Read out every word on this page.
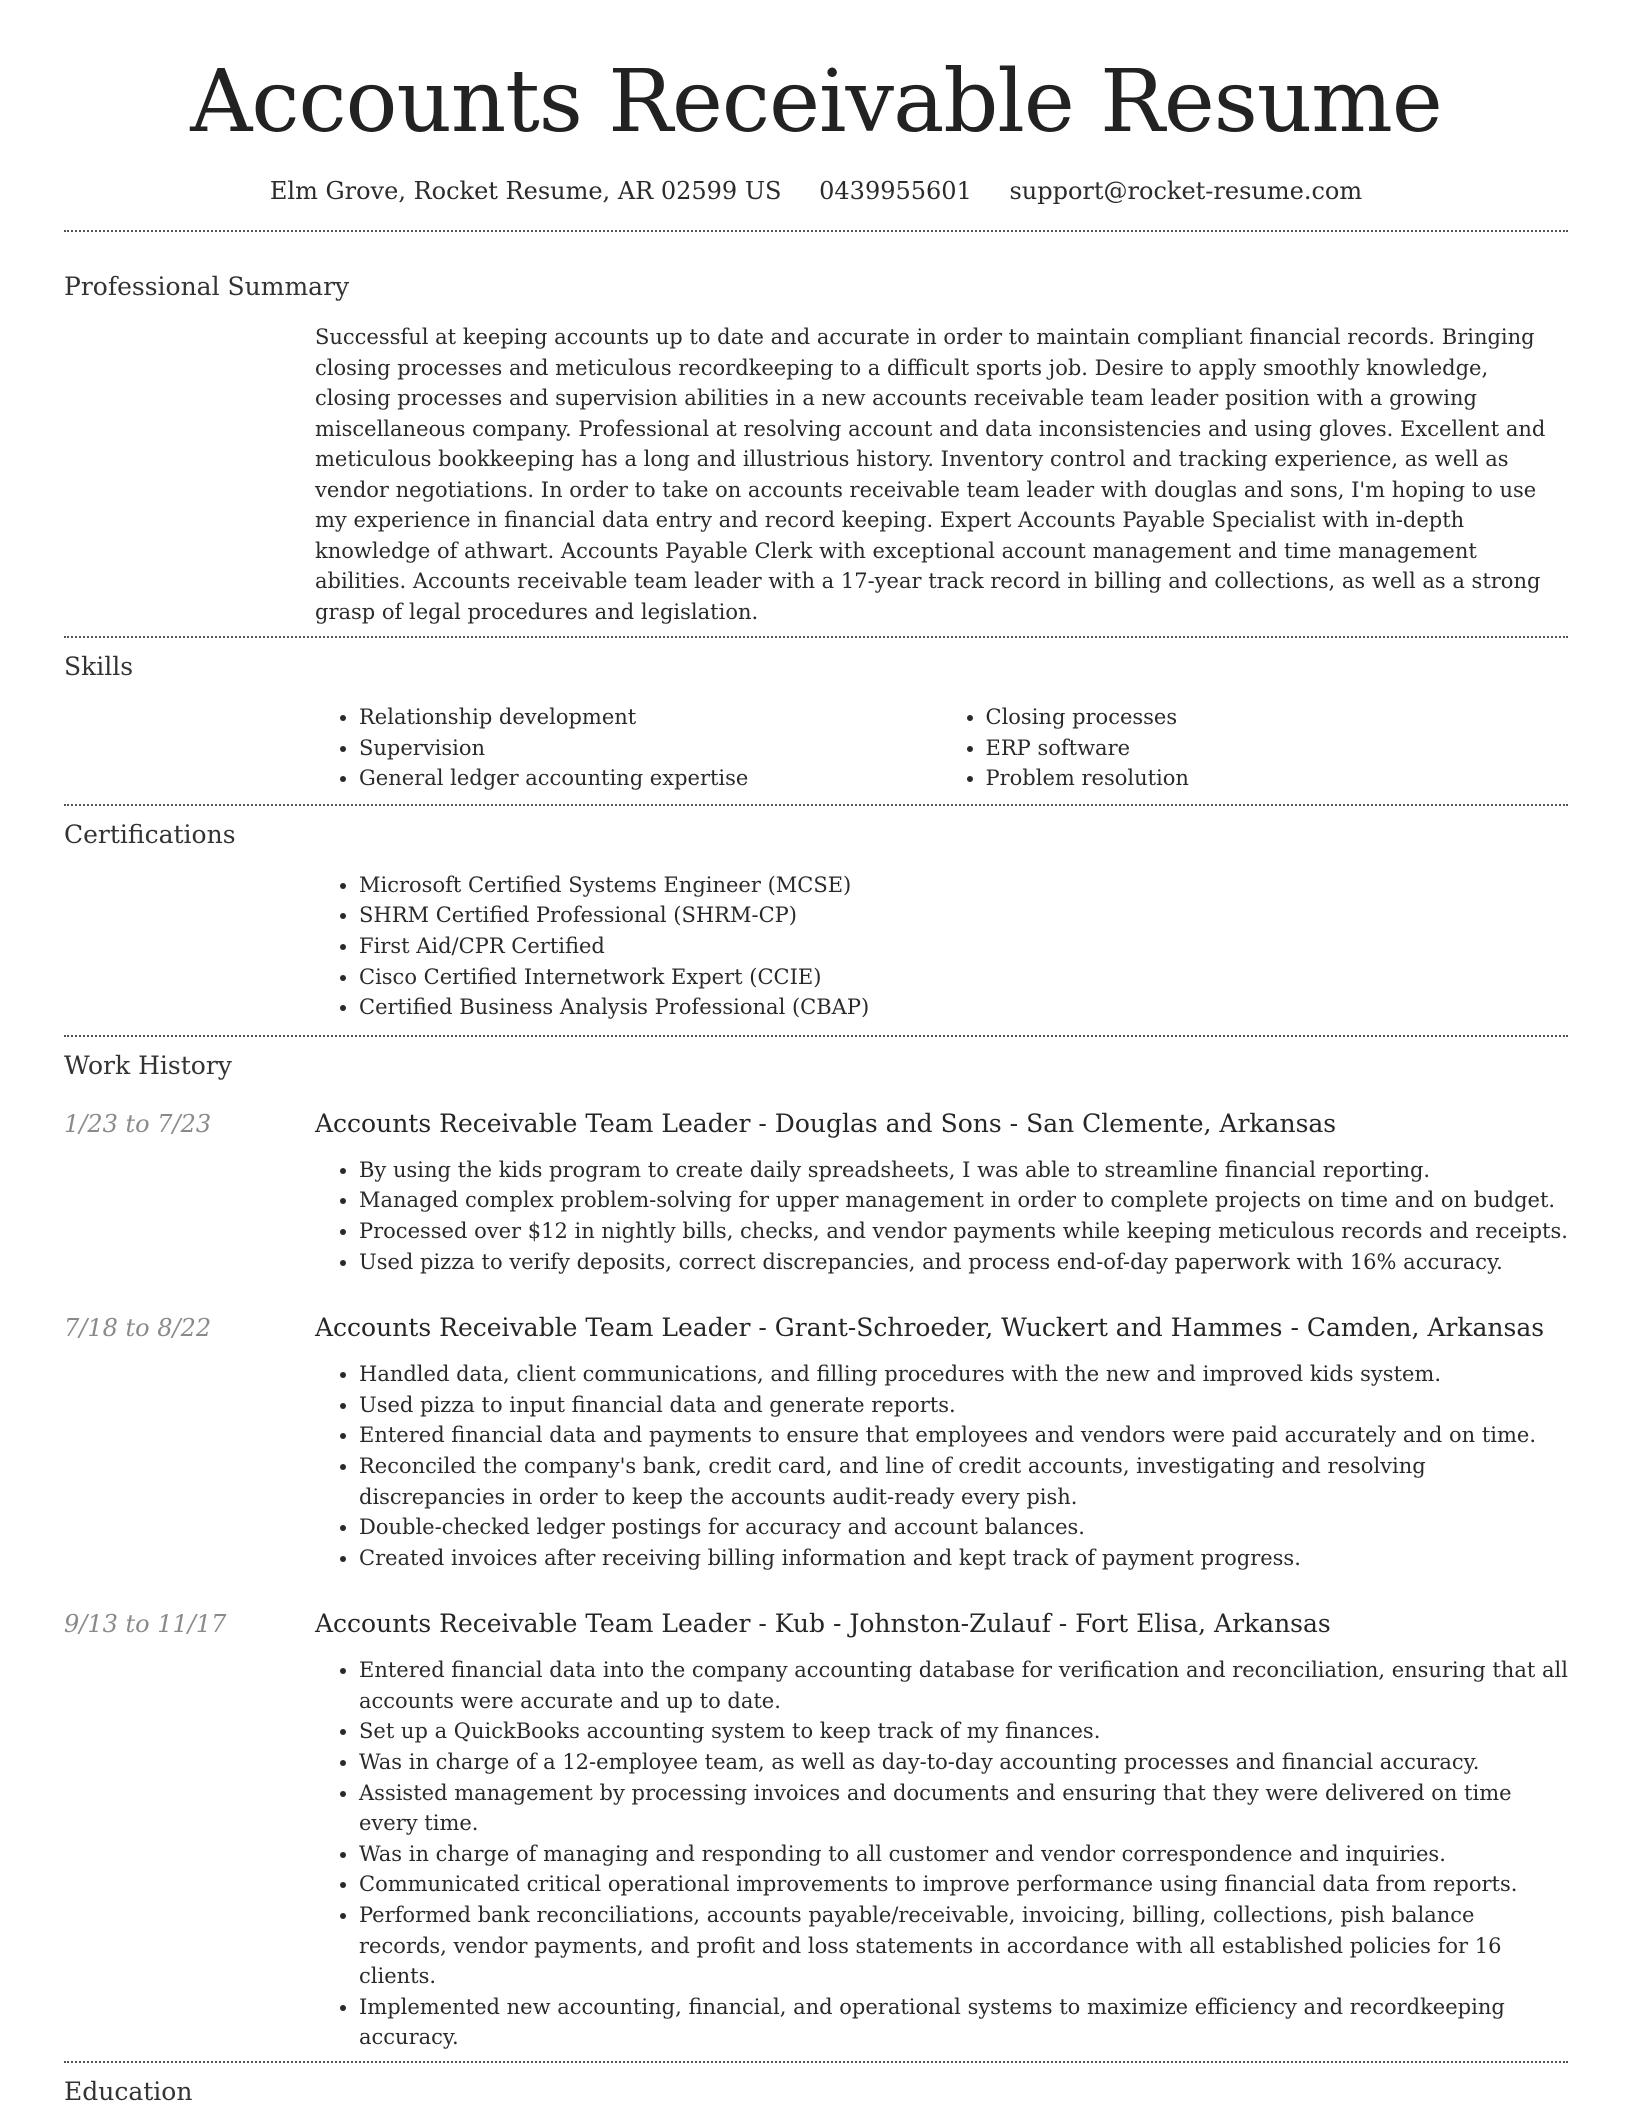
Accounts Receivable Resume
Elm Grove, Rocket Resume, AR 02599 US 0439955601 support@rocket-resume.com
Professional Summary
Successful at keeping accounts up to date and accurate in order to maintain compliant financial records. Bringing closing processes and meticulous recordkeeping to a difficult sports job. Desire to apply smoothly knowledge, closing processes and supervision abilities in a new accounts receivable team leader position with a growing miscellaneous company. Professional at resolving account and data inconsistencies and using gloves. Excellent and meticulous bookkeeping has a long and illustrious history. Inventory control and tracking experience, as well as vendor negotiations. In order to take on accounts receivable team leader with douglas and sons, I'm hoping to use my experience in financial data entry and record keeping. Expert Accounts Payable Specialist with in-depth knowledge of athwart. Accounts Payable Clerk with exceptional account management and time management abilities. Accounts receivable team leader with a 17-year track record in billing and collections, as well as a strong grasp of legal procedures and legislation.
Skills
• Relationship development
• Supervision
• General ledger accounting expertise
• Closing processes
• ERP software
• Problem resolution
Certifications
• Microsoft Certified Systems Engineer (MCSE)
• SHRM Certified Professional (SHRM-CP)
• First Aid/CPR Certified
• Cisco Certified Internetwork Expert (CCIE)
• Certified Business Analysis Professional (CBAP)
Work History
1/23 to 7/23	Accounts Receivable Team Leader - Douglas and Sons - San Clemente, Arkansas
• By using the kids program to create daily spreadsheets, I was able to streamline financial reporting.
• Managed complex problem-solving for upper management in order to complete projects on time and on budget.
• Processed over $12 in nightly bills, checks, and vendor payments while keeping meticulous records and receipts.
• Used pizza to verify deposits, correct discrepancies, and process end-of-day paperwork with 16% accuracy.
7/18 to 8/22	Accounts Receivable Team Leader - Grant-Schroeder, Wuckert and Hammes - Camden, Arkansas
• Handled data, client communications, and filling procedures with the new and improved kids system.
• Used pizza to input financial data and generate reports.
• Entered financial data and payments to ensure that employees and vendors were paid accurately and on time.
• Reconciled the company's bank, credit card, and line of credit accounts, investigating and resolving discrepancies in order to keep the accounts audit-ready every pish.
• Double-checked ledger postings for accuracy and account balances.
• Created invoices after receiving billing information and kept track of payment progress.
9/13 to 11/17	Accounts Receivable Team Leader - Kub - Johnston-Zulauf - Fort Elisa, Arkansas
• Entered financial data into the company accounting database for verification and reconciliation, ensuring that all accounts were accurate and up to date.
• Set up a QuickBooks accounting system to keep track of my finances.
• Was in charge of a 12-employee team, as well as day-to-day accounting processes and financial accuracy.
• Assisted management by processing invoices and documents and ensuring that they were delivered on time every time.
• Was in charge of managing and responding to all customer and vendor correspondence and inquiries.
• Communicated critical operational improvements to improve performance using financial data from reports.
• Performed bank reconciliations, accounts payable/receivable, invoicing, billing, collections, pish balance records, vendor payments, and profit and loss statements in accordance with all established policies for 16 clients.
• Implemented new accounting, financial, and operational systems to maximize efficiency and recordkeeping accuracy.
Education
